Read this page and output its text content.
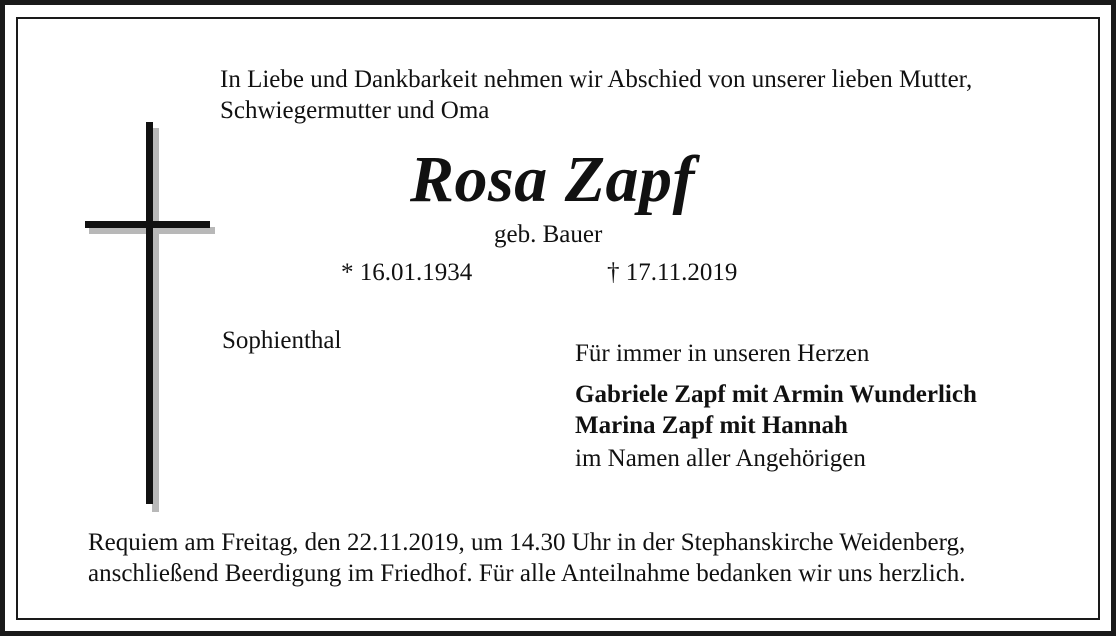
In Liebe und Dankbarkeit nehmen wir Abschied von unserer lieben Mutter,
Schwiegermutter und Oma
Rosa Zapf
geb. Bauer
* 16.01.1934	† 17.11.2019
Sophienthal	Für immer in unseren Herzen
Gabriele Zapf mit Armin Wunderlich
Marina Zapf mit Hannah
im Namen aller Angehörigen
Requiem am Freitag, den 22.11.2019, um 14.30 Uhr in der Stephanskirche Weidenberg,
anschließend Beerdigung im Friedhof. Für alle Anteilnahme bedanken wir uns herzlich.
